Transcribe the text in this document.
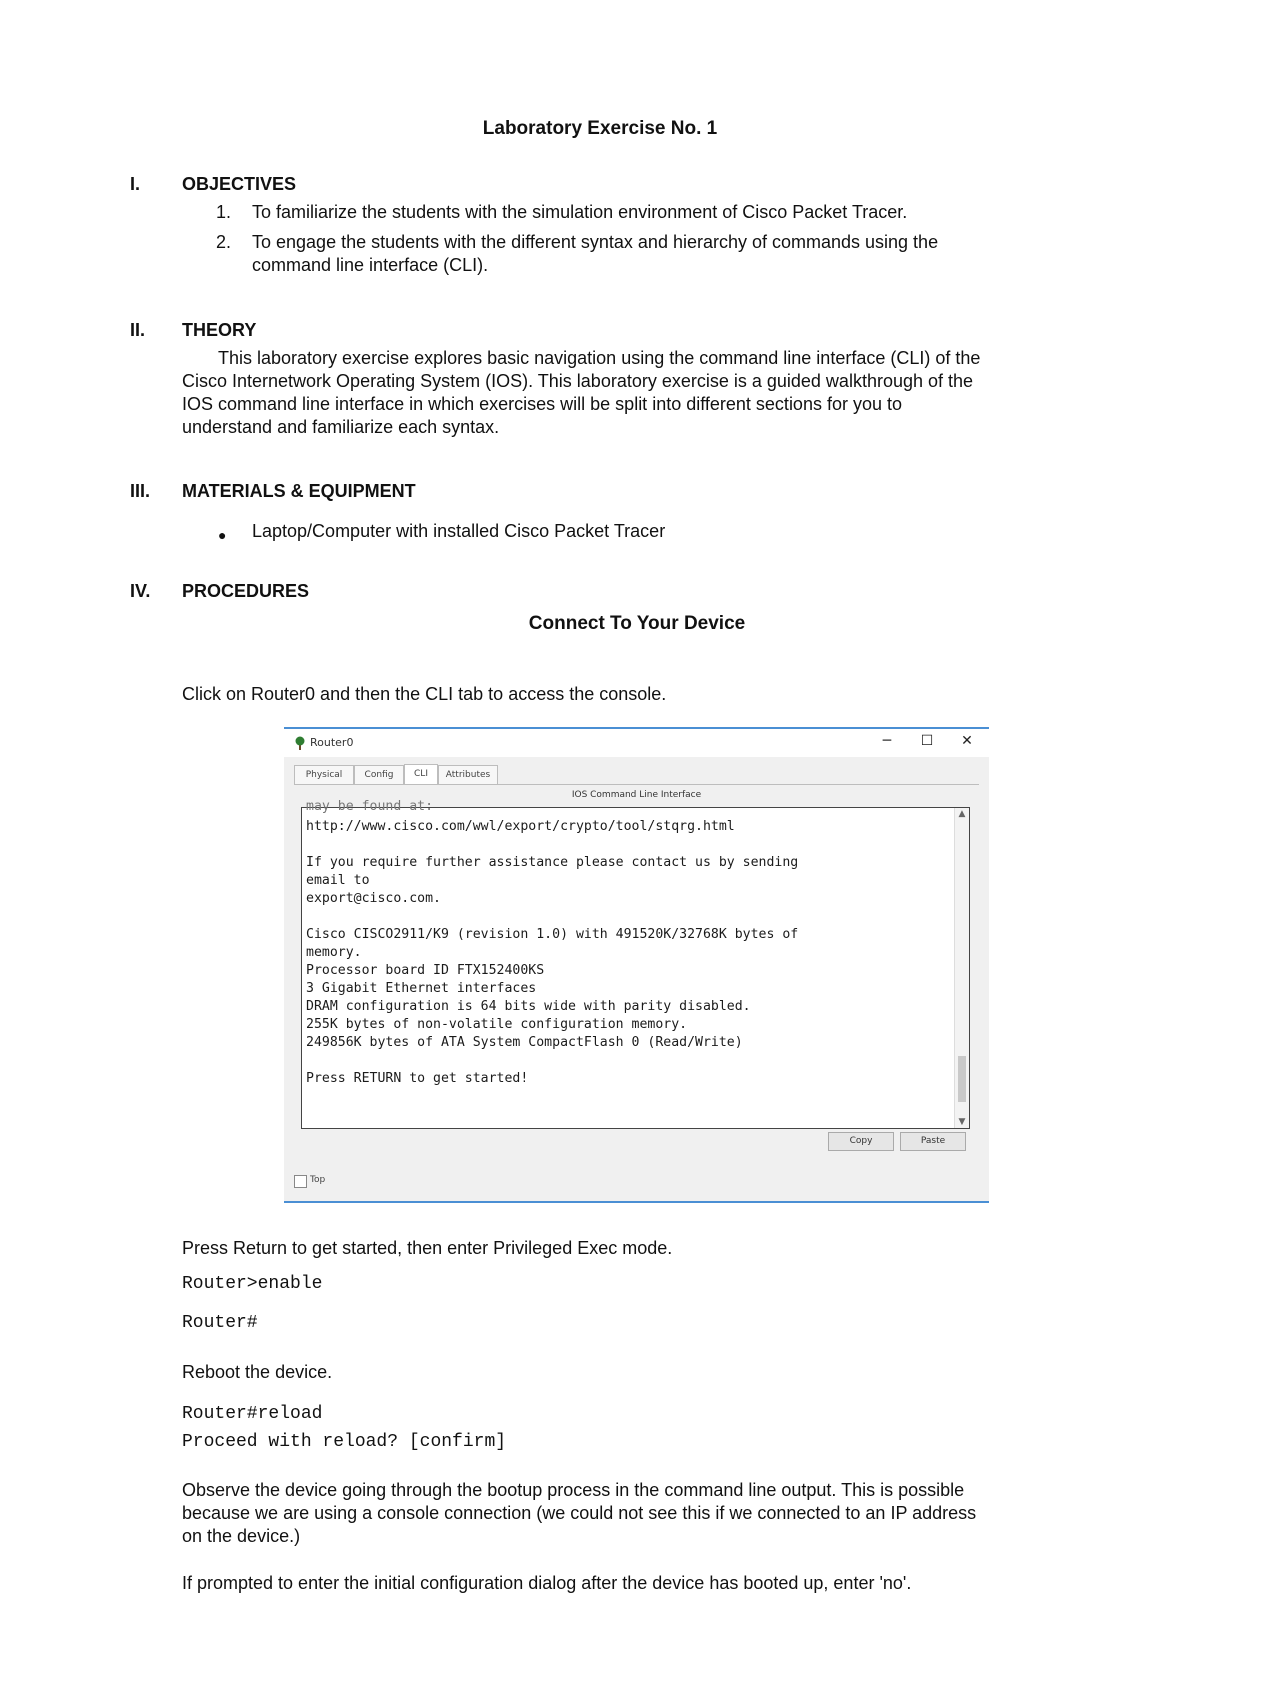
Laboratory Exercise No. 1
I. OBJECTIVES
1. To familiarize the students with the simulation environment of Cisco Packet Tracer.
2. To engage the students with the different syntax and hierarchy of commands using the
command line interface (CLI).
II. THEORY
This laboratory exercise explores basic navigation using the command line interface (CLI) of the
Cisco Internetwork Operating System (IOS). This laboratory exercise is a guided walkthrough of the
IOS command line interface in which exercises will be split into different sections for you to
understand and familiarize each syntax.
III. MATERIALS & EQUIPMENT
● Laptop/Computer with installed Cisco Packet Tracer
IV. PROCEDURES
Connect To Your Device
Click on Router0 and then the CLI tab to access the console.
Router0	─	☐ ✕
Physical	Config	CLI	Attributes
IOS Command Line Interface
may be found at:
http://www.cisco.com/wwl/export/crypto/tool/stqrg.html

If you require further assistance please contact us by sending
email to
export@cisco.com.

Cisco CISCO2911/K9 (revision 1.0) with 491520K/32768K bytes of
memory.
Processor board ID FTX152400KS
3 Gigabit Ethernet interfaces
DRAM configuration is 64 bits wide with parity disabled.
255K bytes of non-volatile configuration memory.
249856K bytes of ATA System CompactFlash 0 (Read/Write)

Press RETURN to get started!
▲
▼
Copy	Paste
Top
Press Return to get started, then enter Privileged Exec mode.
Router>enable
Router#
Reboot the device.
Router#reload
Proceed with reload? [confirm]
Observe the device going through the bootup process in the command line output. This is possible
because we are using a console connection (we could not see this if we connected to an IP address
on the device.)
If prompted to enter the initial configuration dialog after the device has booted up, enter 'no'.
